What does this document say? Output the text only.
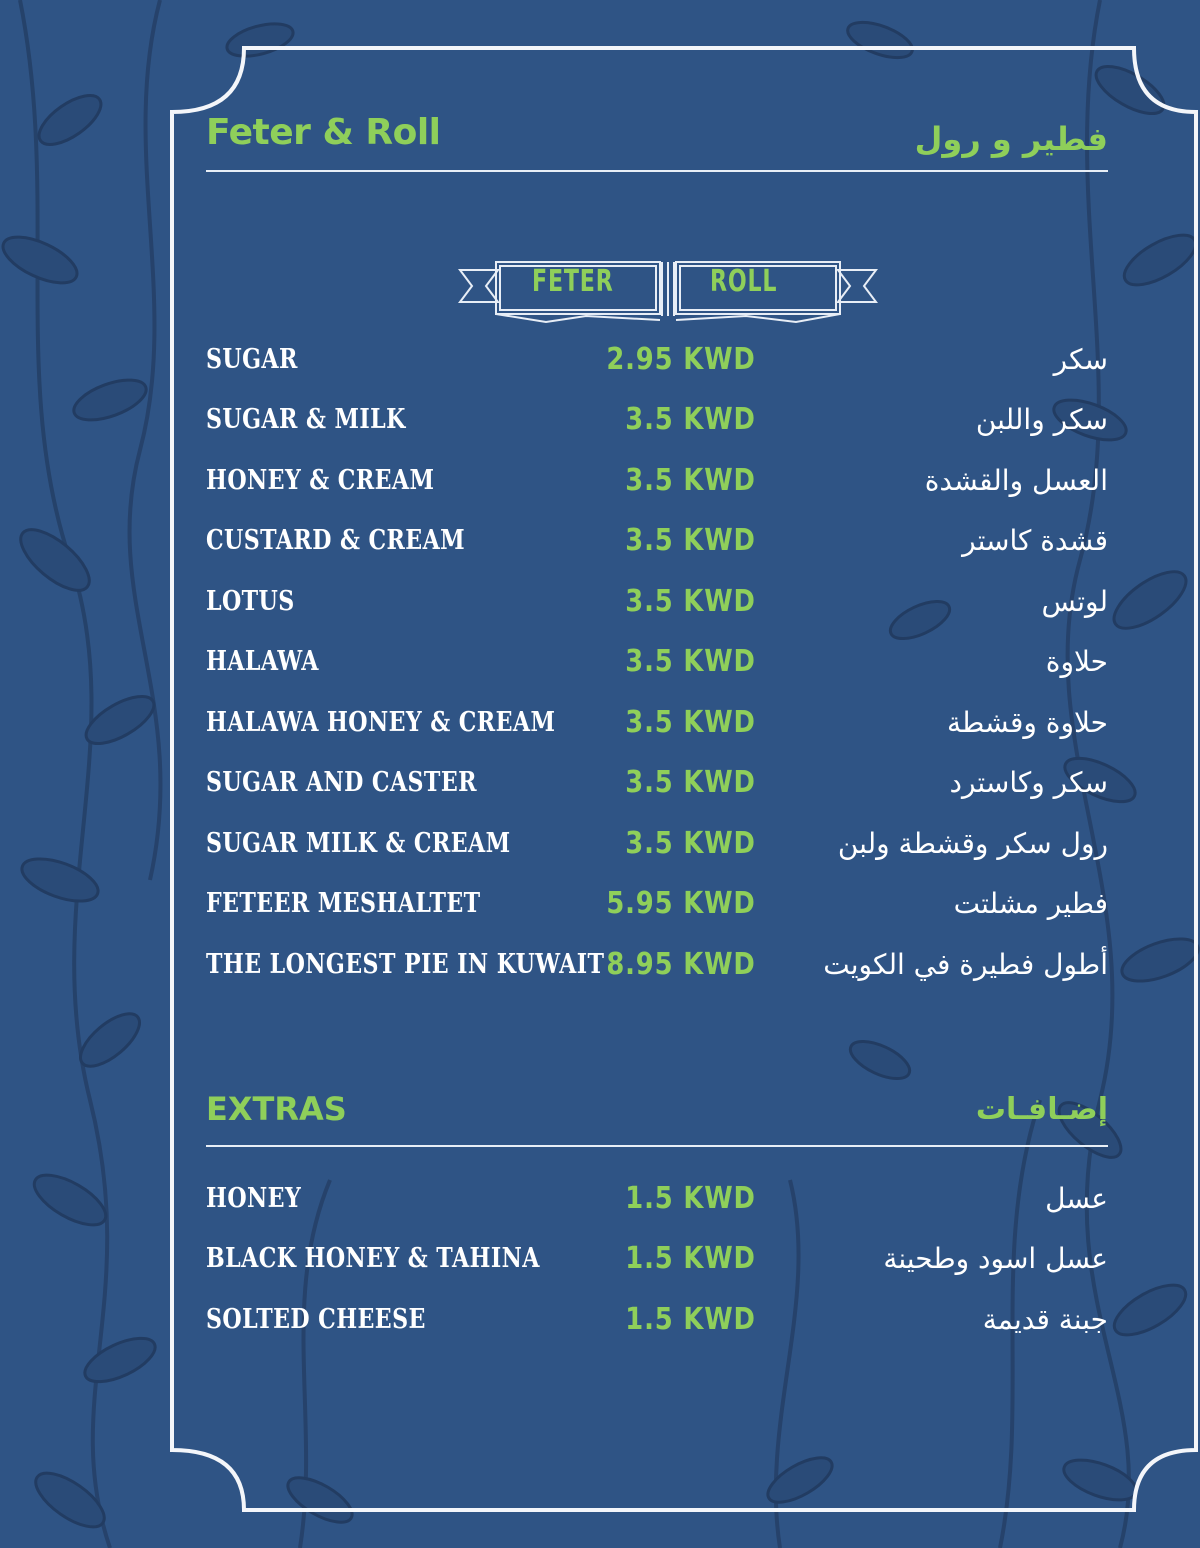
Feter & Roll	فطير و رول
FETER	ROLL
SUGAR	2.95 KWD	سكر
SUGAR & MILK	3.5 KWD	سكر واللبن
HONEY & CREAM	3.5 KWD	العسل والقشدة
CUSTARD & CREAM	3.5 KWD	قشدة كاستر
LOTUS	3.5 KWD	لوتس
HALAWA	3.5 KWD	حلاوة
HALAWA HONEY & CREAM 3.5 KWD	حلاوة وقشطة
SUGAR AND CASTER	3.5 KWD	سكر وكاسترد
SUGAR MILK & CREAM	3.5 KWD	رول سكر وقشطة ولبن
FETEER MESHALTET	5.95 KWD	فطير مشلتت
THE LONGEST PIE IN KUWAIT 8.95 KWD أطول فطيرة في الكويت
EXTRAS	إضـافـات
HONEY	1.5 KWD	عسل
BLACK HONEY & TAHINA	1.5 KWD	عسل اسود وطحينة
SOLTED CHEESE	1.5 KWD	جبنة قديمة
